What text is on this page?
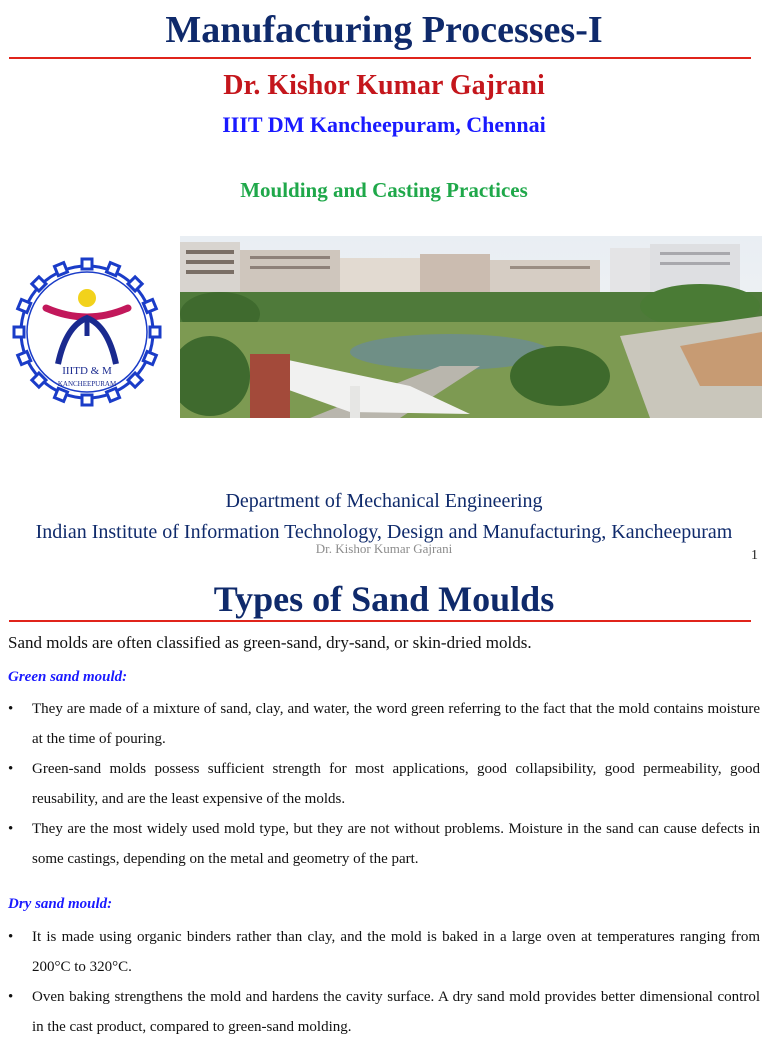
Manufacturing Processes-I
Dr. Kishor Kumar Gajrani
IIIT DM Kancheepuram, Chennai
Moulding and Casting Practices
IIITD & M
KANCHEEPURAM
Department of Mechanical Engineering
Indian Institute of Information Technology, Design and Manufacturing, Kancheepuram
Dr. Kishor Kumar Gajrani	1
Types of Sand Moulds
Sand molds are often classified as green-sand, dry-sand, or skin-dried molds.
Green sand mould:
• They are made of a mixture of sand, clay, and water, the word green referring to the fact that the mold contains moisture at the time of pouring.
• Green-sand molds possess sufficient strength for most applications, good collapsibility, good permeability, good reusability, and are the least expensive of the molds.
• They are the most widely used mold type, but they are not without problems. Moisture in the sand can cause defects in some castings, depending on the metal and geometry of the part.
Dry sand mould:
• It is made using organic binders rather than clay, and the mold is baked in a large oven at temperatures ranging from 200°C to 320°C.
• Oven baking strengthens the mold and hardens the cavity surface. A dry sand mold provides better dimensional control in the cast product, compared to green-sand molding.
